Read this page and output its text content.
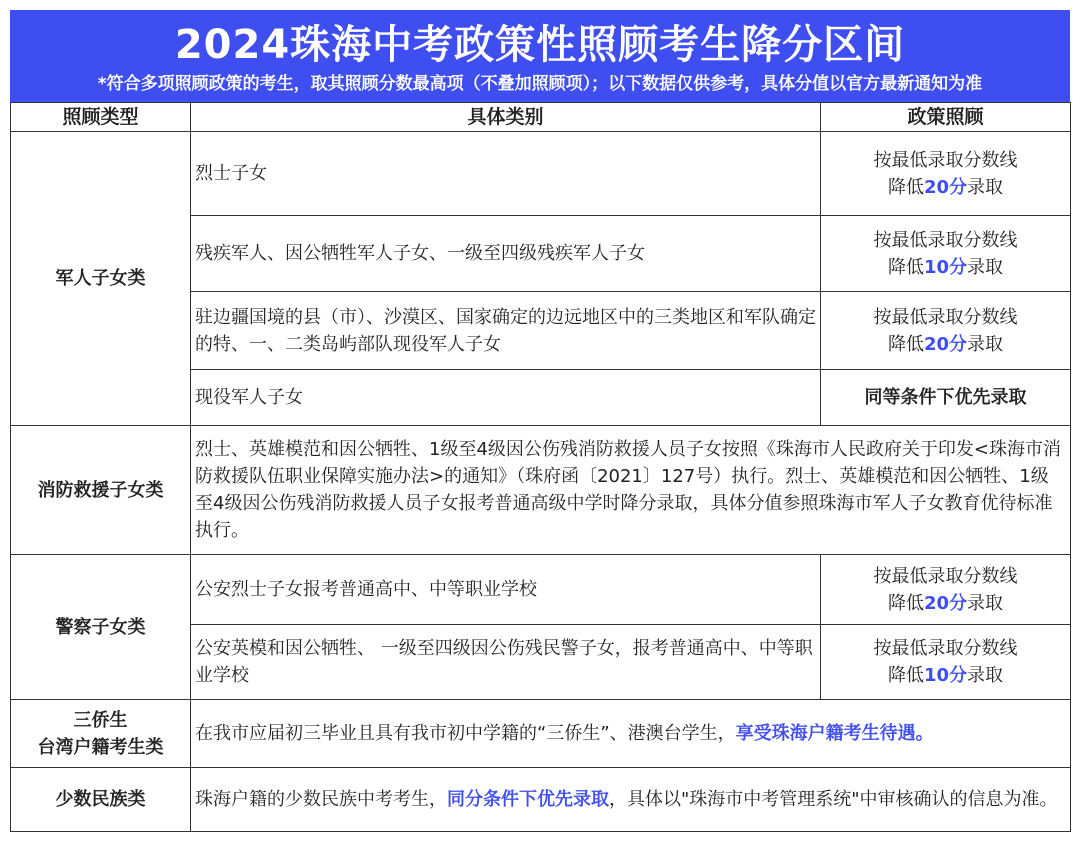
2024珠海中考政策性照顾考生降分区间
*符合多项照顾政策的考生，取其照顾分数最高项（不叠加照顾项）；以下数据仅供参考，具体分值以官方最新通知为准
照顾类型	具体类别	政策照顾
军人子女类	烈士子女	按最低录取分数线
降低20分录取

	残疾军人、因公牺牲军人子女、一级至四级残疾军人子女	按最低录取分数线
降低10分录取

	驻边疆国境的县（市）、沙漠区、国家确定的边远地区中的三类地区和军队确定的特、一、二类岛屿部队现役军人子女	按最低录取分数线
降低20分录取

	现役军人子女	同等条件下优先录取
消防救援子女类	烈士、英雄模范和因公牺牲、1级至4级因公伤残消防救援人员子女按照《珠海市人民政府关于印发<珠海市消防救援队伍职业保障实施办法>的通知》（珠府函〔2021〕127号）执行。烈士、英雄模范和因公牺牲、1级至4级因公伤残消防救援人员子女报考普通高级中学时降分录取，具体分值参照珠海市军人子女教育优待标准执行。	
警察子女类	公安烈士子女报考普通高中、中等职业学校	按最低录取分数线
降低20分录取

	公安英模和因公牺牲、 一级至四级因公伤残民警子女，报考普通高中、中等职业学校	按最低录取分数线
降低10分录取

三侨生
台湾户籍考生类	在我市应届初三毕业且具有我市初中学籍的“三侨生”、港澳台学生，享受珠海户籍考生待遇。	
少数民族类	珠海户籍的少数民族中考考生，同分条件下优先录取，具体以"珠海市中考管理系统"中审核确认的信息为准。	
